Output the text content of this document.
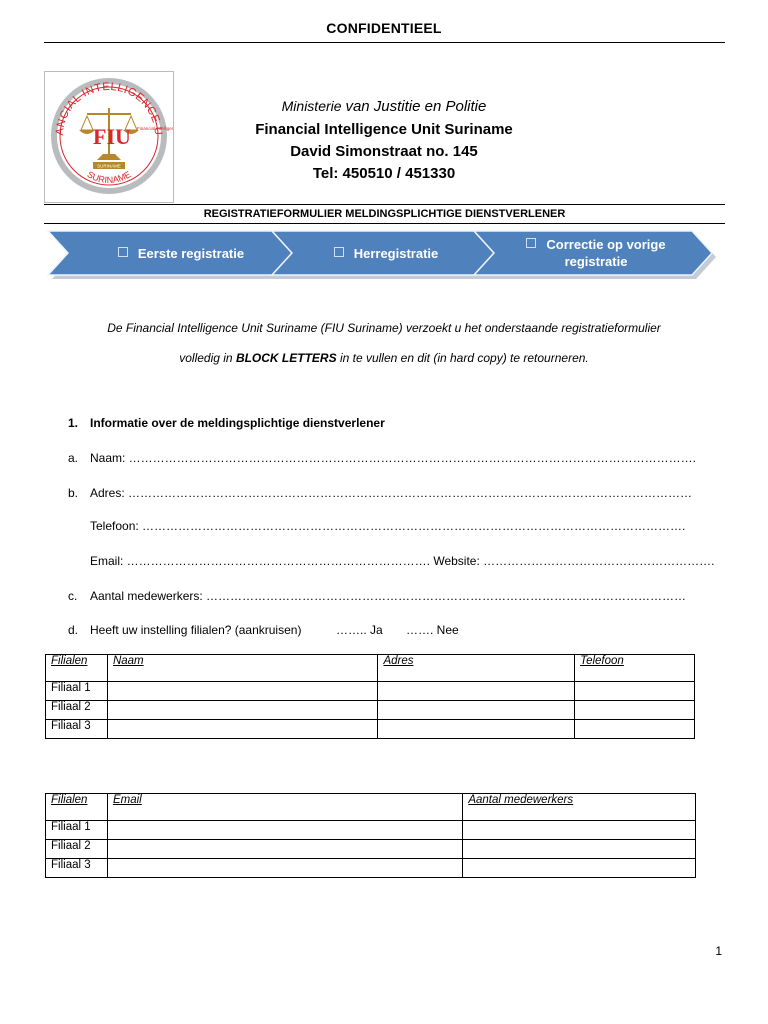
CONFIDENTIEEL
ANCIAL INTELLIGENCE U
SURINAME
FIU Financial Intellige
SURINAME
Ministerie van Justitie en Politie
Financial Intelligence Unit Suriname
David Simonstraat no. 145
Tel: 450510 / 451330
REGISTRATIEFORMULIER MELDINGSPLICHTIGE DIENSTVERLENER
Eerste registratie	Herregistratie
Correctie op vorige
registratie
De Financial Intelligence Unit Suriname (FIU Suriname) verzoekt u het onderstaande registratieformulier
volledig in BLOCK LETTERS in te vullen en dit (in hard copy) te retourneren.
1. Informatie over de meldingsplichtige dienstverlener
a. Naam: …………………………………………………………………………………………………………………………….
b. Adres: ……………………………………………………………………………………………………………………………
Telefoon: ……………………………………………………………………………………………………………………….
Email: …………………………………………………………………. Website: ………………………………………………….
c. Aantal medewerkers: …………………………………………………………………………………………………………
d. Heeft uw instelling filialen? (aankruisen)	…….. Ja ……. Nee
Filialen	Naam	Adres	Telefoon
Filiaal 1			
Filiaal 2			
Filiaal 3			
Filialen	Email	Aantal medewerkers
Filiaal 1		
Filiaal 2		
Filiaal 3		
1
